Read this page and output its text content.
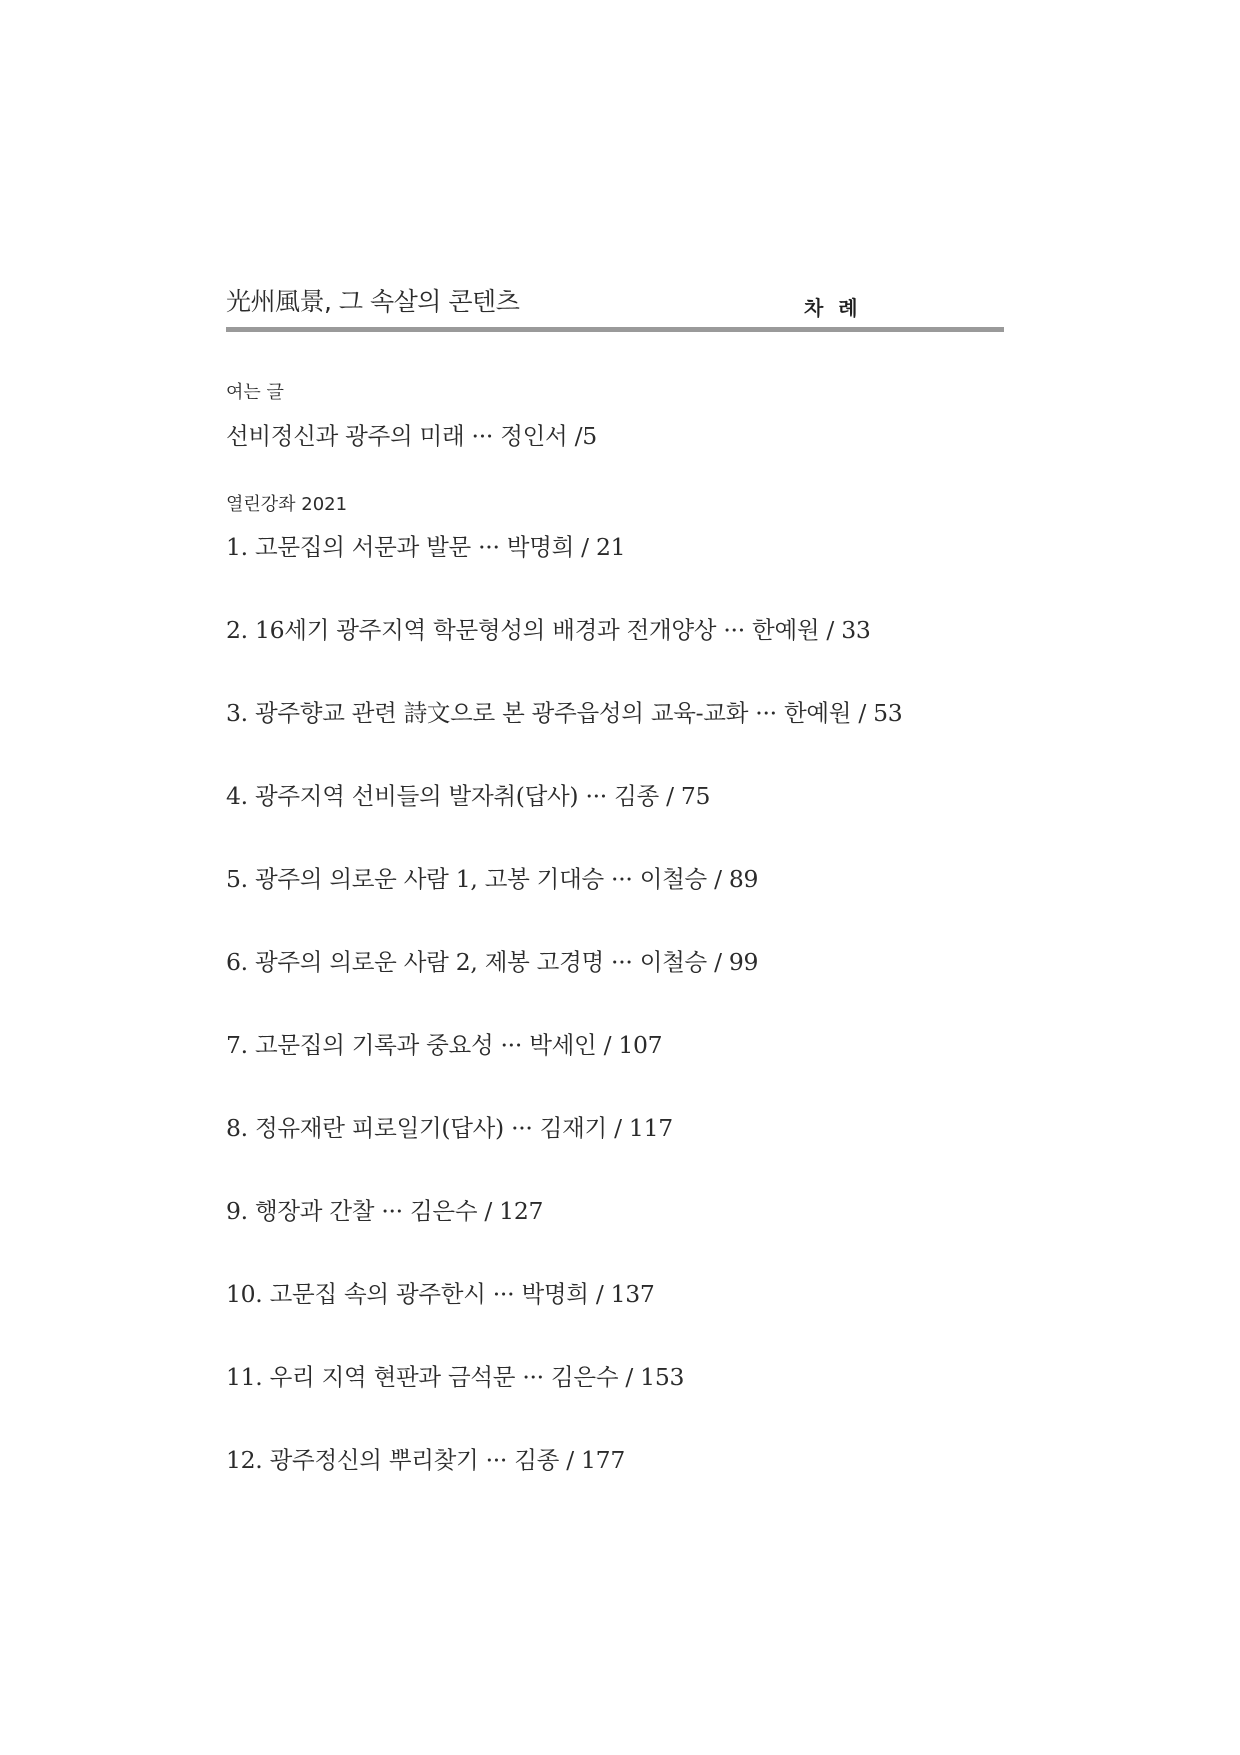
光州風景, 그 속살의 콘텐츠	차 례
여는 글
선비정신과 광주의 미래 ··· 정인서 /5
열린강좌 2021
1. 고문집의 서문과 발문 ··· 박명희 / 21
2. 16세기 광주지역 학문형성의 배경과 전개양상 ··· 한예원 / 33
3. 광주향교 관련 詩文으로 본 광주읍성의 교육-교화 ··· 한예원 / 53
4. 광주지역 선비들의 발자취(답사) ··· 김종 / 75
5. 광주의 의로운 사람 1, 고봉 기대승 ··· 이철승 / 89
6. 광주의 의로운 사람 2, 제봉 고경명 ··· 이철승 / 99
7. 고문집의 기록과 중요성 ··· 박세인 / 107
8. 정유재란 피로일기(답사) ··· 김재기 / 117
9. 행장과 간찰 ··· 김은수 / 127
10. 고문집 속의 광주한시 ··· 박명희 / 137
11. 우리 지역 현판과 금석문 ··· 김은수 / 153
12. 광주정신의 뿌리찾기 ··· 김종 / 177
